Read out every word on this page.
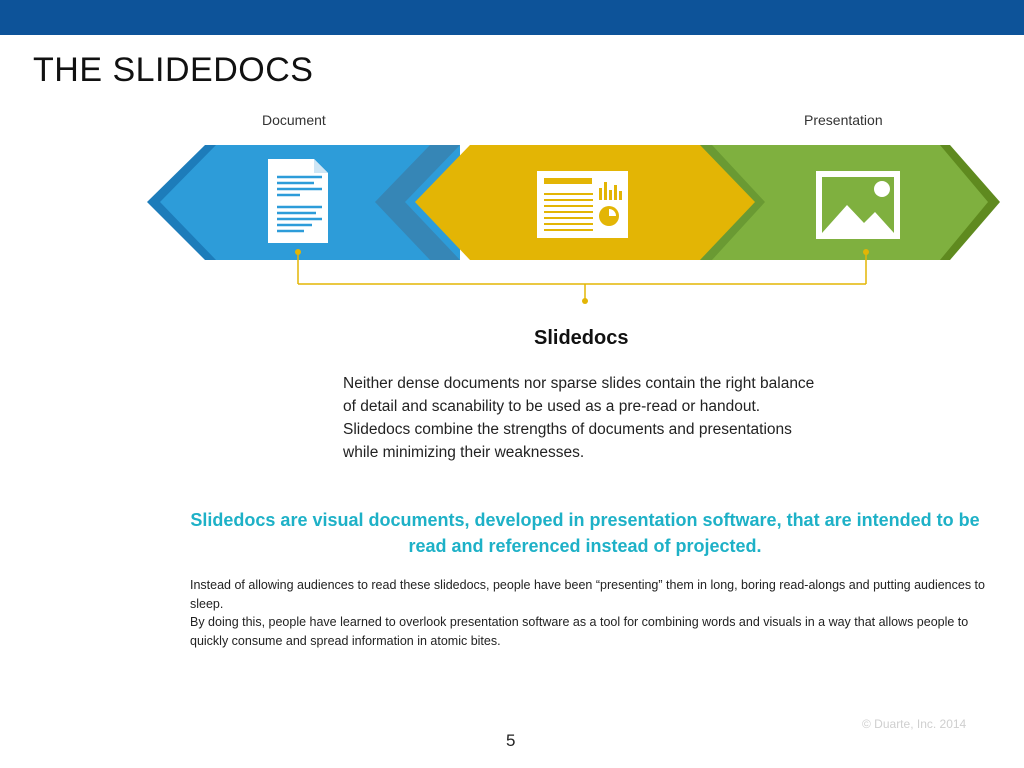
THE SLIDEDOCS
Document	Presentation
Slidedocs

Neither dense documents nor sparse slides contain the right balance of detail and scanability to be used as a pre-read or handout. Slidedocs combine the strengths of documents and presentations while minimizing their weaknesses.

Slidedocs are visual documents, developed in presentation software, that are intended to be read and referenced instead of projected.

Instead of allowing audiences to read these slidedocs, people have been “presenting” them in long, boring read-alongs and putting audiences to sleep.
By doing this, people have learned to overlook presentation software as a tool for combining words and visuals in a way that allows people to quickly consume and spread information in atomic bites.
© Duarte, Inc. 2014
5
